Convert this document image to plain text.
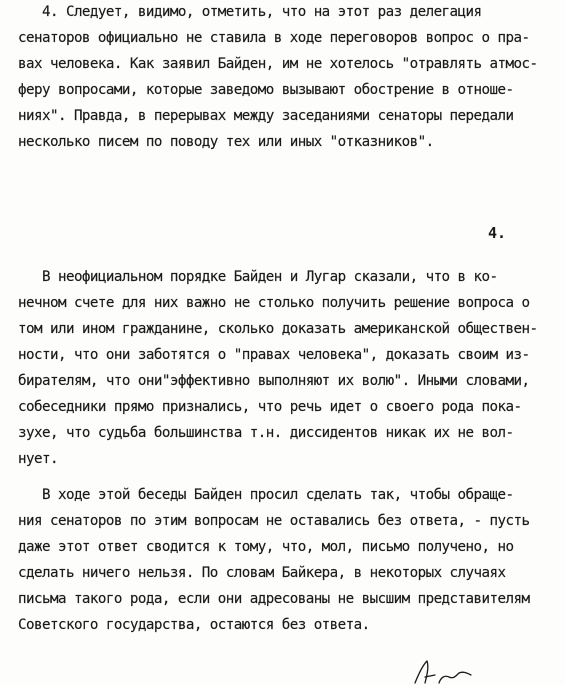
4. Следует, видимо, отметить, что на этот раз делегация
сенаторов официально не ставила в ходе переговоров вопрос о пра-
вах человека. Как заявил Байден, им не хотелось "отравлять атмос-
феру вопросами, которые заведомо вызывают обострение в отноше-
ниях". Правда, в перерывах между заседаниями сенаторы передали
несколько писем по поводу тех или иных "отказников".
4.
В неофициальном порядке Байден и Лугар сказали, что в ко-
нечном счете для них важно не столько получить решение вопроса о
том или ином гражданине, сколько доказать американской обществен-
ности, что они заботятся о "правах человека", доказать своим из-
бирателям, что они"эффективно выполняют их волю". Иными словами,
собеседники прямо признались, что речь идет о своего рода пока-
зухе, что судьба большинства т.н. диссидентов никак их не вол-
нует.
В ходе этой беседы Байден просил сделать так, чтобы обраще-
ния сенаторов по этим вопросам не оставались без ответа, - пусть
даже этот ответ сводится к тому, что, мол, письмо получено, но
сделать ничего нельзя. По словам Байкера, в некоторых случаях
письма такого рода, если они адресованы не высшим представителям
Советского государства, остаются без ответа.
